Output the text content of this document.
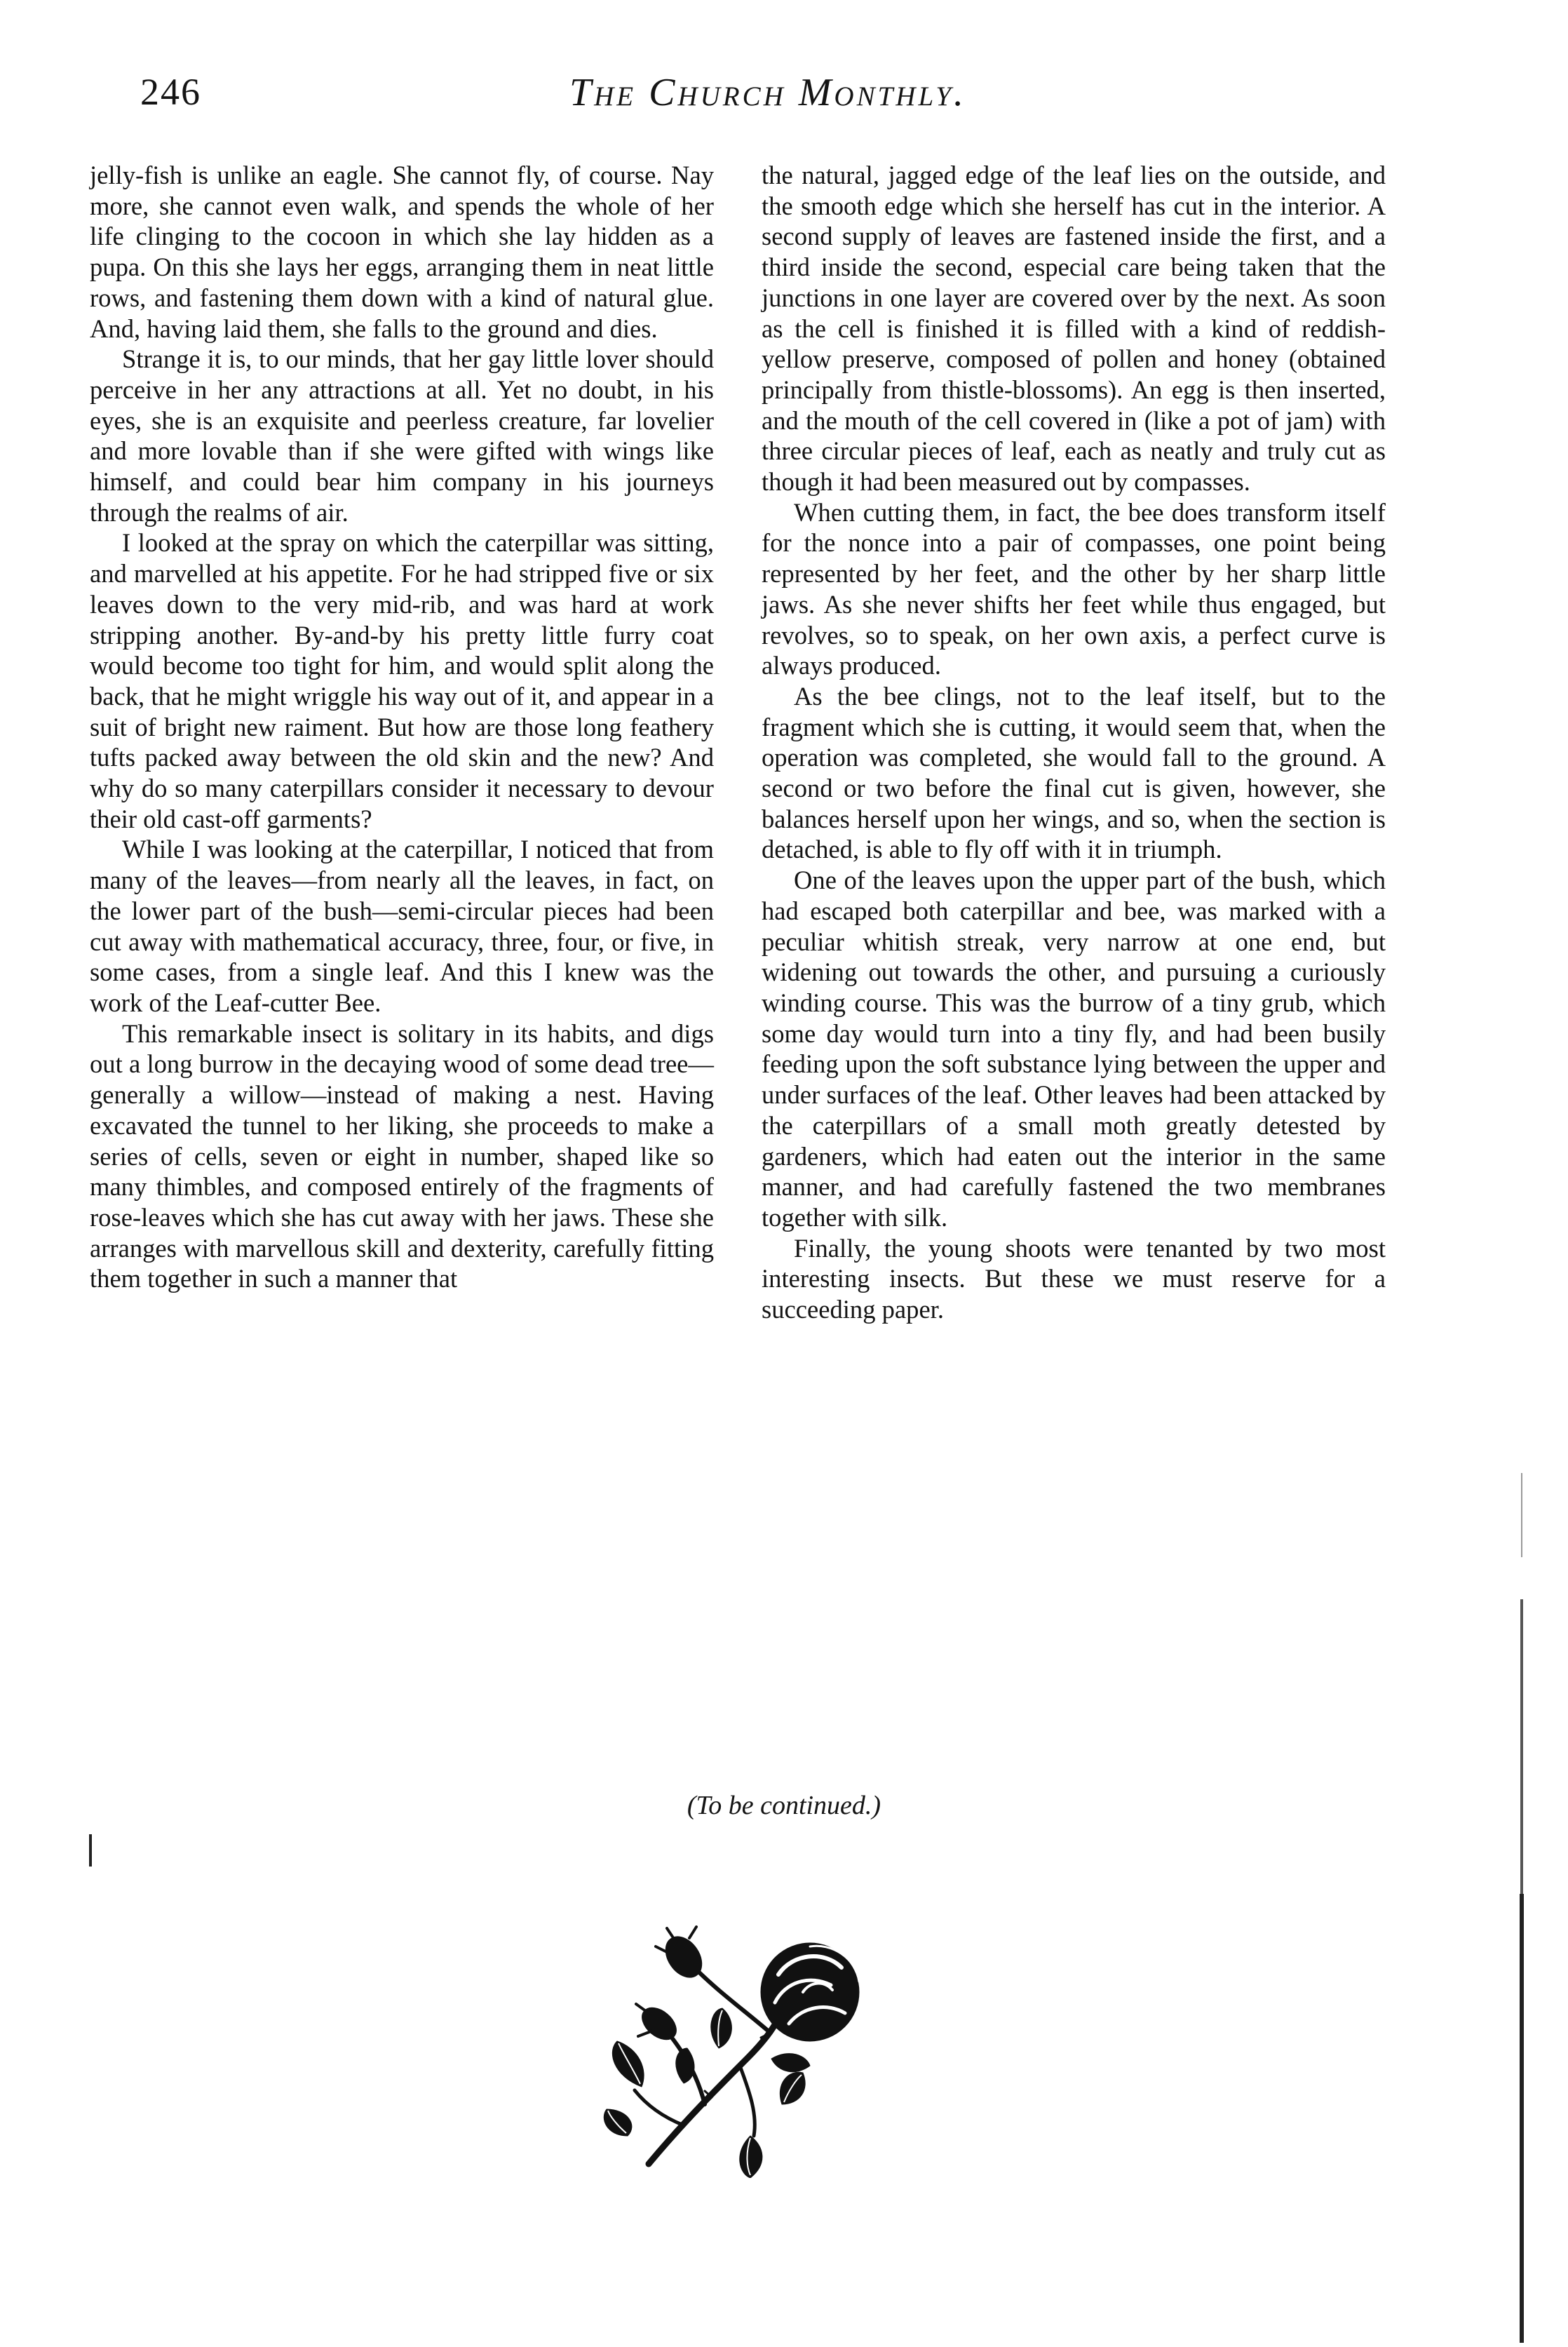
246	The Church Monthly.

jelly-fish is unlike an eagle. She cannot fly, of course. Nay more, she cannot even walk, and spends the whole of her life clinging to the cocoon in which she lay hidden as a pupa. On this she lays her eggs, arranging them in neat little rows, and fastening them down with a kind of natural glue. And, having laid them, she falls to the ground and dies.

Strange it is, to our minds, that her gay little lover should perceive in her any attractions at all. Yet no doubt, in his eyes, she is an exquisite and peerless creature, far lovelier and more lovable than if she were gifted with wings like himself, and could bear him company in his journeys through the realms of air.

I looked at the spray on which the caterpillar was sitting, and marvelled at his appetite. For he had stripped five or six leaves down to the very mid-rib, and was hard at work stripping another. By-and-by his pretty little furry coat would become too tight for him, and would split along the back, that he might wriggle his way out of it, and appear in a suit of bright new raiment. But how are those long feathery tufts packed away between the old skin and the new? And why do so many caterpillars consider it necessary to devour their old cast-off garments?

While I was looking at the caterpillar, I noticed that from many of the leaves—from nearly all the leaves, in fact, on the lower part of the bush—semi-circular pieces had been cut away with mathematical accuracy, three, four, or five, in some cases, from a single leaf. And this I knew was the work of the Leaf-cutter Bee.

This remarkable insect is solitary in its habits, and digs out a long burrow in the decaying wood of some dead tree—generally a willow—instead of making a nest. Having excavated the tunnel to her liking, she proceeds to make a series of cells, seven or eight in number, shaped like so many thimbles, and composed entirely of the fragments of rose-leaves which she has cut away with her jaws. These she arranges with marvellous skill and dexterity, carefully fitting them together in such a manner that

the natural, jagged edge of the leaf lies on the outside, and the smooth edge which she herself has cut in the interior. A second supply of leaves are fastened inside the first, and a third inside the second, especial care being taken that the junctions in one layer are covered over by the next. As soon as the cell is finished it is filled with a kind of reddish-yellow preserve, composed of pollen and honey (obtained principally from thistle-blossoms). An egg is then inserted, and the mouth of the cell covered in (like a pot of jam) with three circular pieces of leaf, each as neatly and truly cut as though it had been measured out by compasses.

When cutting them, in fact, the bee does transform itself for the nonce into a pair of compasses, one point being represented by her feet, and the other by her sharp little jaws. As she never shifts her feet while thus engaged, but revolves, so to speak, on her own axis, a perfect curve is always produced.

As the bee clings, not to the leaf itself, but to the fragment which she is cutting, it would seem that, when the operation was completed, she would fall to the ground. A second or two before the final cut is given, however, she balances herself upon her wings, and so, when the section is detached, is able to fly off with it in triumph.

One of the leaves upon the upper part of the bush, which had escaped both caterpillar and bee, was marked with a peculiar whitish streak, very narrow at one end, but widening out towards the other, and pursuing a curiously winding course. This was the burrow of a tiny grub, which some day would turn into a tiny fly, and had been busily feeding upon the soft substance lying between the upper and under surfaces of the leaf. Other leaves had been attacked by the caterpillars of a small moth greatly detested by gardeners, which had eaten out the interior in the same manner, and had carefully fastened the two membranes together with silk.

Finally, the young shoots were tenanted by two most interesting insects. But these we must reserve for a succeeding paper.

(To be continued.)
